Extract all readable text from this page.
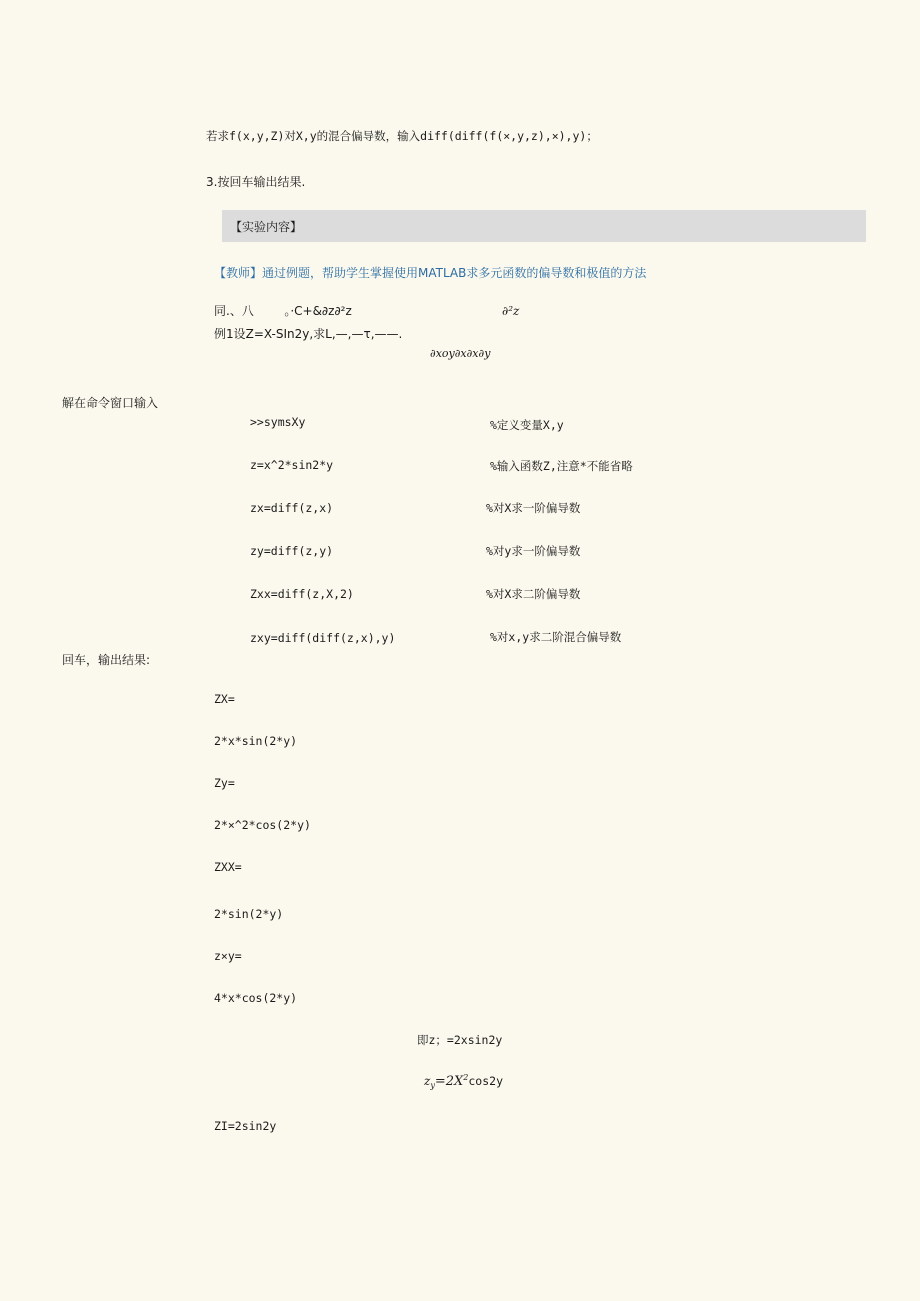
若求f(x,y,Z)对X,y的混合偏导数，输入diff(diff(f(×,y,z),×),y)；
3.按回车输出结果.
【实验内容】
【教师】通过例题，帮助学生掌握使用MATLAB求多元函数的偏导数和极值的方法
同.、八        。·C+&∂z∂²z	∂²z
例1设Z=X-SIn2y,求L,—,—τ,——.
∂xoy∂x∂x∂y
解在命令窗口输入
>>symsXy	%定义变量X,y
z=x^2*sin2*y	%输入函数Z,注意*不能省略
zx=diff(z,x)	%对X求一阶偏导数
zy=diff(z,y)	%对y求一阶偏导数
Zxx=diff(z,X,2)	%对X求二阶偏导数
zxy=diff(diff(z,x),y)	%对x,y求二阶混合偏导数
回车，输出结果:
ZX=
2*x*sin(2*y)
Zy=
2*×^2*cos(2*y)
ZXX=
2*sin(2*y)
z×y=
4*x*cos(2*y)
即z；=2xsin2y
$z_y=2X^2\cos 2y$
ZI=2sin2y
